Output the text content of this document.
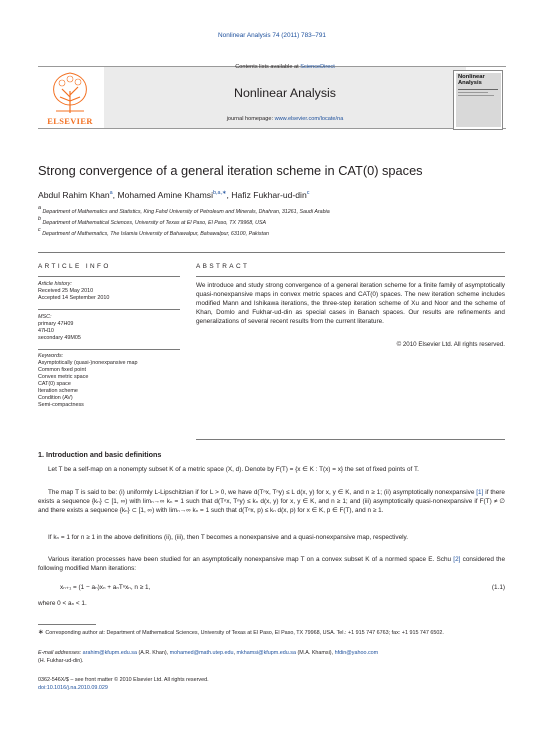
Nonlinear Analysis 74 (2011) 783–791
ELSEVIER
Contents lists available at ScienceDirect
Nonlinear Analysis
journal homepage: www.elsevier.com/locate/na
Nonlinear
Analysis
Strong convergence of a general iteration scheme in CAT(0) spaces
Abdul Rahim Khan$^a$, Mohamed Amine Khamsi$^{b,a,∗}$, Hafiz Fukhar-ud-din$^c$
$^a$ Department of Mathematics and Statistics, King Fahd University of Petroleum and Minerals, Dhahran, 31261, Saudi Arabia
$^b$ Department of Mathematical Sciences, University of Texas at El Paso, El Paso, TX 79968, USA
$^c$ Department of Mathematics, The Islamia University of Bahawalpur, Bahawalpur, 63100, Pakistan
ARTICLE INFO
Article history:
Received 25 May 2010
Accepted 14 September 2010
MSC:
primary 47H09
47H10
secondary 49M05
Keywords:
Asymptotically (quasi-)nonexpansive map
Common fixed point
Convex metric space
CAT(0) space
Iteration scheme
Condition (AV)
Semi-compactness
ABSTRACT
We introduce and study strong convergence of a general iteration scheme for a finite family of asymptotically quasi-nonexpansive maps in convex metric spaces and CAT(0) spaces. The new iteration scheme includes modified Mann and Ishikawa iterations, the three-step iteration scheme of Xu and Noor and the scheme of Khan, Domlo and Fukhar-ud-din as special cases in Banach spaces. Our results are refinements and generalizations of several recent results from the current literature.
© 2010 Elsevier Ltd. All rights reserved.
1. Introduction and basic definitions
Let T be a self-map on a nonempty subset K of a metric space (X, d). Denote by F(T) = {x ∈ K : T(x) = x} the set of fixed points of T.
The map T is said to be: (i) uniformly L-Lipschitzian if for L > 0, we have d(Tⁿx, Tⁿy) ≤ L d(x, y) for x, y ∈ K, and n ≥ 1; (ii) asymptotically nonexpansive [1] if there exists a sequence {kₙ} ⊂ [1, ∞) with limₙ→∞ kₙ = 1 such that d(Tⁿx, Tⁿy) ≤ kₙ d(x, y) for x, y ∈ K, and n ≥ 1; and (iii) asymptotically quasi-nonexpansive if F(T) ≠ ∅ and there exists a sequence {kₙ} ⊂ [1, ∞) with limₙ→∞ kₙ = 1 such that d(Tⁿx, p) ≤ kₙ d(x, p) for x ∈ K, p ∈ F(T), and n ≥ 1.
If kₙ = 1 for n ≥ 1 in the above definitions (ii), (iii), then T becomes a nonexpansive and a quasi-nonexpansive map, respectively.
Various iteration processes have been studied for an asymptotically nonexpansive map T on a convex subset K of a normed space E. Schu [2] considered the following modified Mann iterations:
xₙ₊₁ = (1 − aₙ)xₙ + aₙTⁿxₙ, n ≥ 1,	(1.1)
where 0 < aₙ < 1.
∗ Corresponding author at: Department of Mathematical Sciences, University of Texas at El Paso, El Paso, TX 79968, USA. Tel.: +1 915 747 6763; fax: +1 915 747 6502.
E-mail addresses: arahim@kfupm.edu.sa (A.R. Khan), mohamed@math.utep.edu, mkhamsi@kfupm.edu.sa (M.A. Khamsi), hfdin@yahoo.com
(H. Fukhar-ud-din).
0362-546X/$ – see front matter © 2010 Elsevier Ltd. All rights reserved.
doi:10.1016/j.na.2010.09.029
